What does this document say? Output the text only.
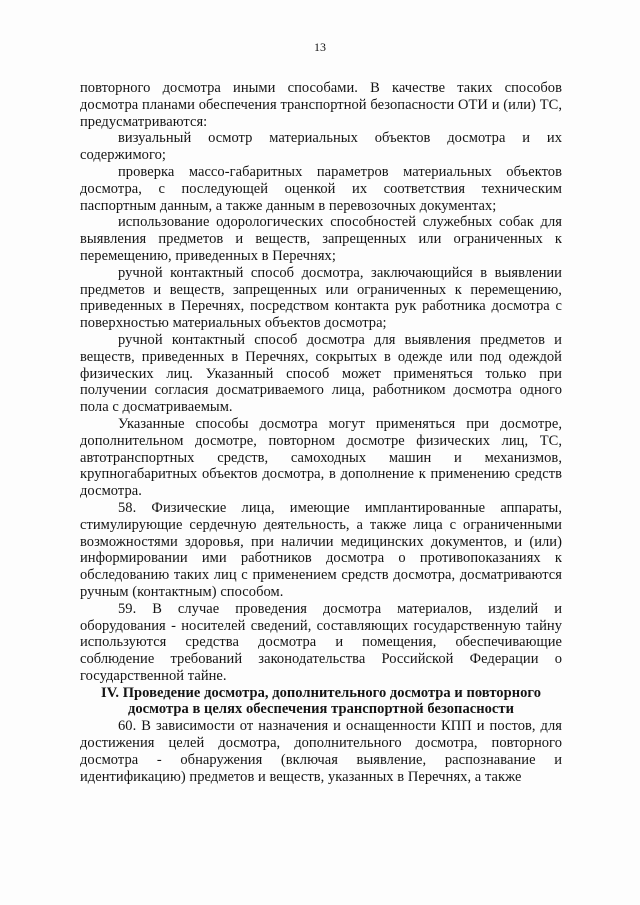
13

повторного досмотра иными способами. В качестве таких способов досмотра планами обеспечения транспортной безопасности ОТИ и (или) ТС, предусматриваются:

визуальный осмотр материальных объектов досмотра и их содержимого;

проверка массо-габаритных параметров материальных объектов досмотра, с последующей оценкой их соответствия техническим паспортным данным, а также данным в перевозочных документах;

использование одорологических способностей служебных собак для выявления предметов и веществ, запрещенных или ограниченных к перемещению, приведенных в Перечнях;

ручной контактный способ досмотра, заключающийся в выявлении предметов и веществ, запрещенных или ограниченных к перемещению, приведенных в Перечнях, посредством контакта рук работника досмотра с поверхностью материальных объектов досмотра;

ручной контактный способ досмотра для выявления предметов и веществ, приведенных в Перечнях, сокрытых в одежде или под одеждой физических лиц. Указанный способ может применяться только при получении согласия досматриваемого лица, работником досмотра одного пола с досматриваемым.

Указанные способы досмотра могут применяться при досмотре, дополнительном досмотре, повторном досмотре физических лиц, ТС, автотранспортных средств, самоходных машин и механизмов, крупногабаритных объектов досмотра, в дополнение к применению средств досмотра.

58. Физические лица, имеющие имплантированные аппараты, стимулирующие сердечную деятельность, а также лица с ограниченными возможностями здоровья, при наличии медицинских документов, и (или) информировании ими работников досмотра о противопоказаниях к обследованию таких лиц с применением средств досмотра, досматриваются ручным (контактным) способом.

59. В случае проведения досмотра материалов, изделий и оборудования - носителей сведений, составляющих государственную тайну используются средства досмотра и помещения, обеспечивающие соблюдение требований законодательства Российской Федерации о государственной тайне.

IV. Проведение досмотра, дополнительного досмотра и повторного досмотра в целях обеспечения транспортной безопасности

60. В зависимости от назначения и оснащенности КПП и постов, для достижения целей досмотра, дополнительного досмотра, повторного досмотра - обнаружения (включая выявление, распознавание и идентификацию) предметов и веществ, указанных в Перечнях, а также
